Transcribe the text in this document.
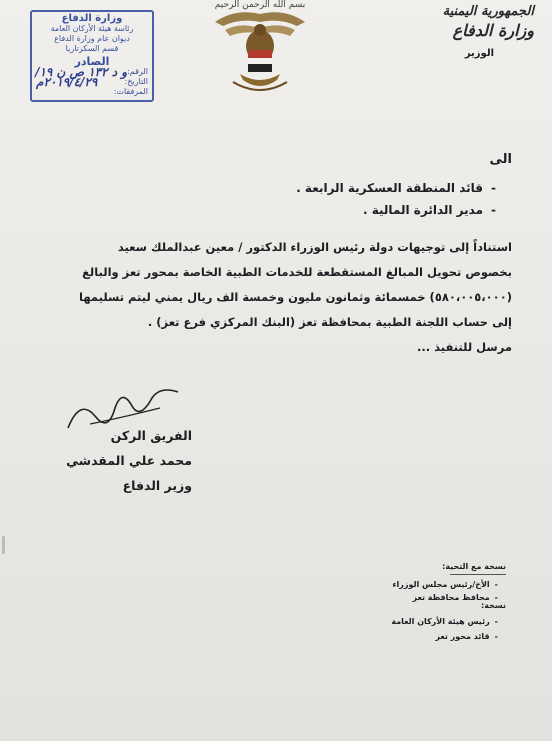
الجمهورية اليمنية
وزارة الدفاع
الوزير
بسم الله الرحمن الرحيم
وزارة الدفاع
رئاسة هيئة الأركان العامة
ديوان عام وزارة الدفاع
قسم السكرتاريا
الصادر
الرقم:
و د ١٣٢ ص ن ١٩/
التاريخ:
٢٠١٩/٤/٢٩م
المرفقات:
الى
-قائد المنطقة العسكرية الرابعة .
-مدير الدائرة المالية .
استناداً إلى توجيهات دولة رئيس الوزراء الدكتور / معين عبدالملك سعيد
بخصوص تحويل المبالغ المستقطعة للخدمات الطبية الخاصة بمحور تعز والبالغ
(٥٨٠،٠٠٥،٠٠٠) خمسمائة وثمانون مليون وخمسة الف ريال يمني ليتم تسليمها
إلى حساب اللجنة الطبية بمحافظة تعز (البنك المركزي فرع تعز) .
مرسل للتنفيذ ...
الفريق الركن
محمد علي المقدشي
وزير الدفاع
نسخة مع التحية:
-الأخ/رئيس مجلس الوزراء
-محافظ محافظة تعز
نسخة:
-رئيس هيئة الأركان العامة
-قائد محور تعز
